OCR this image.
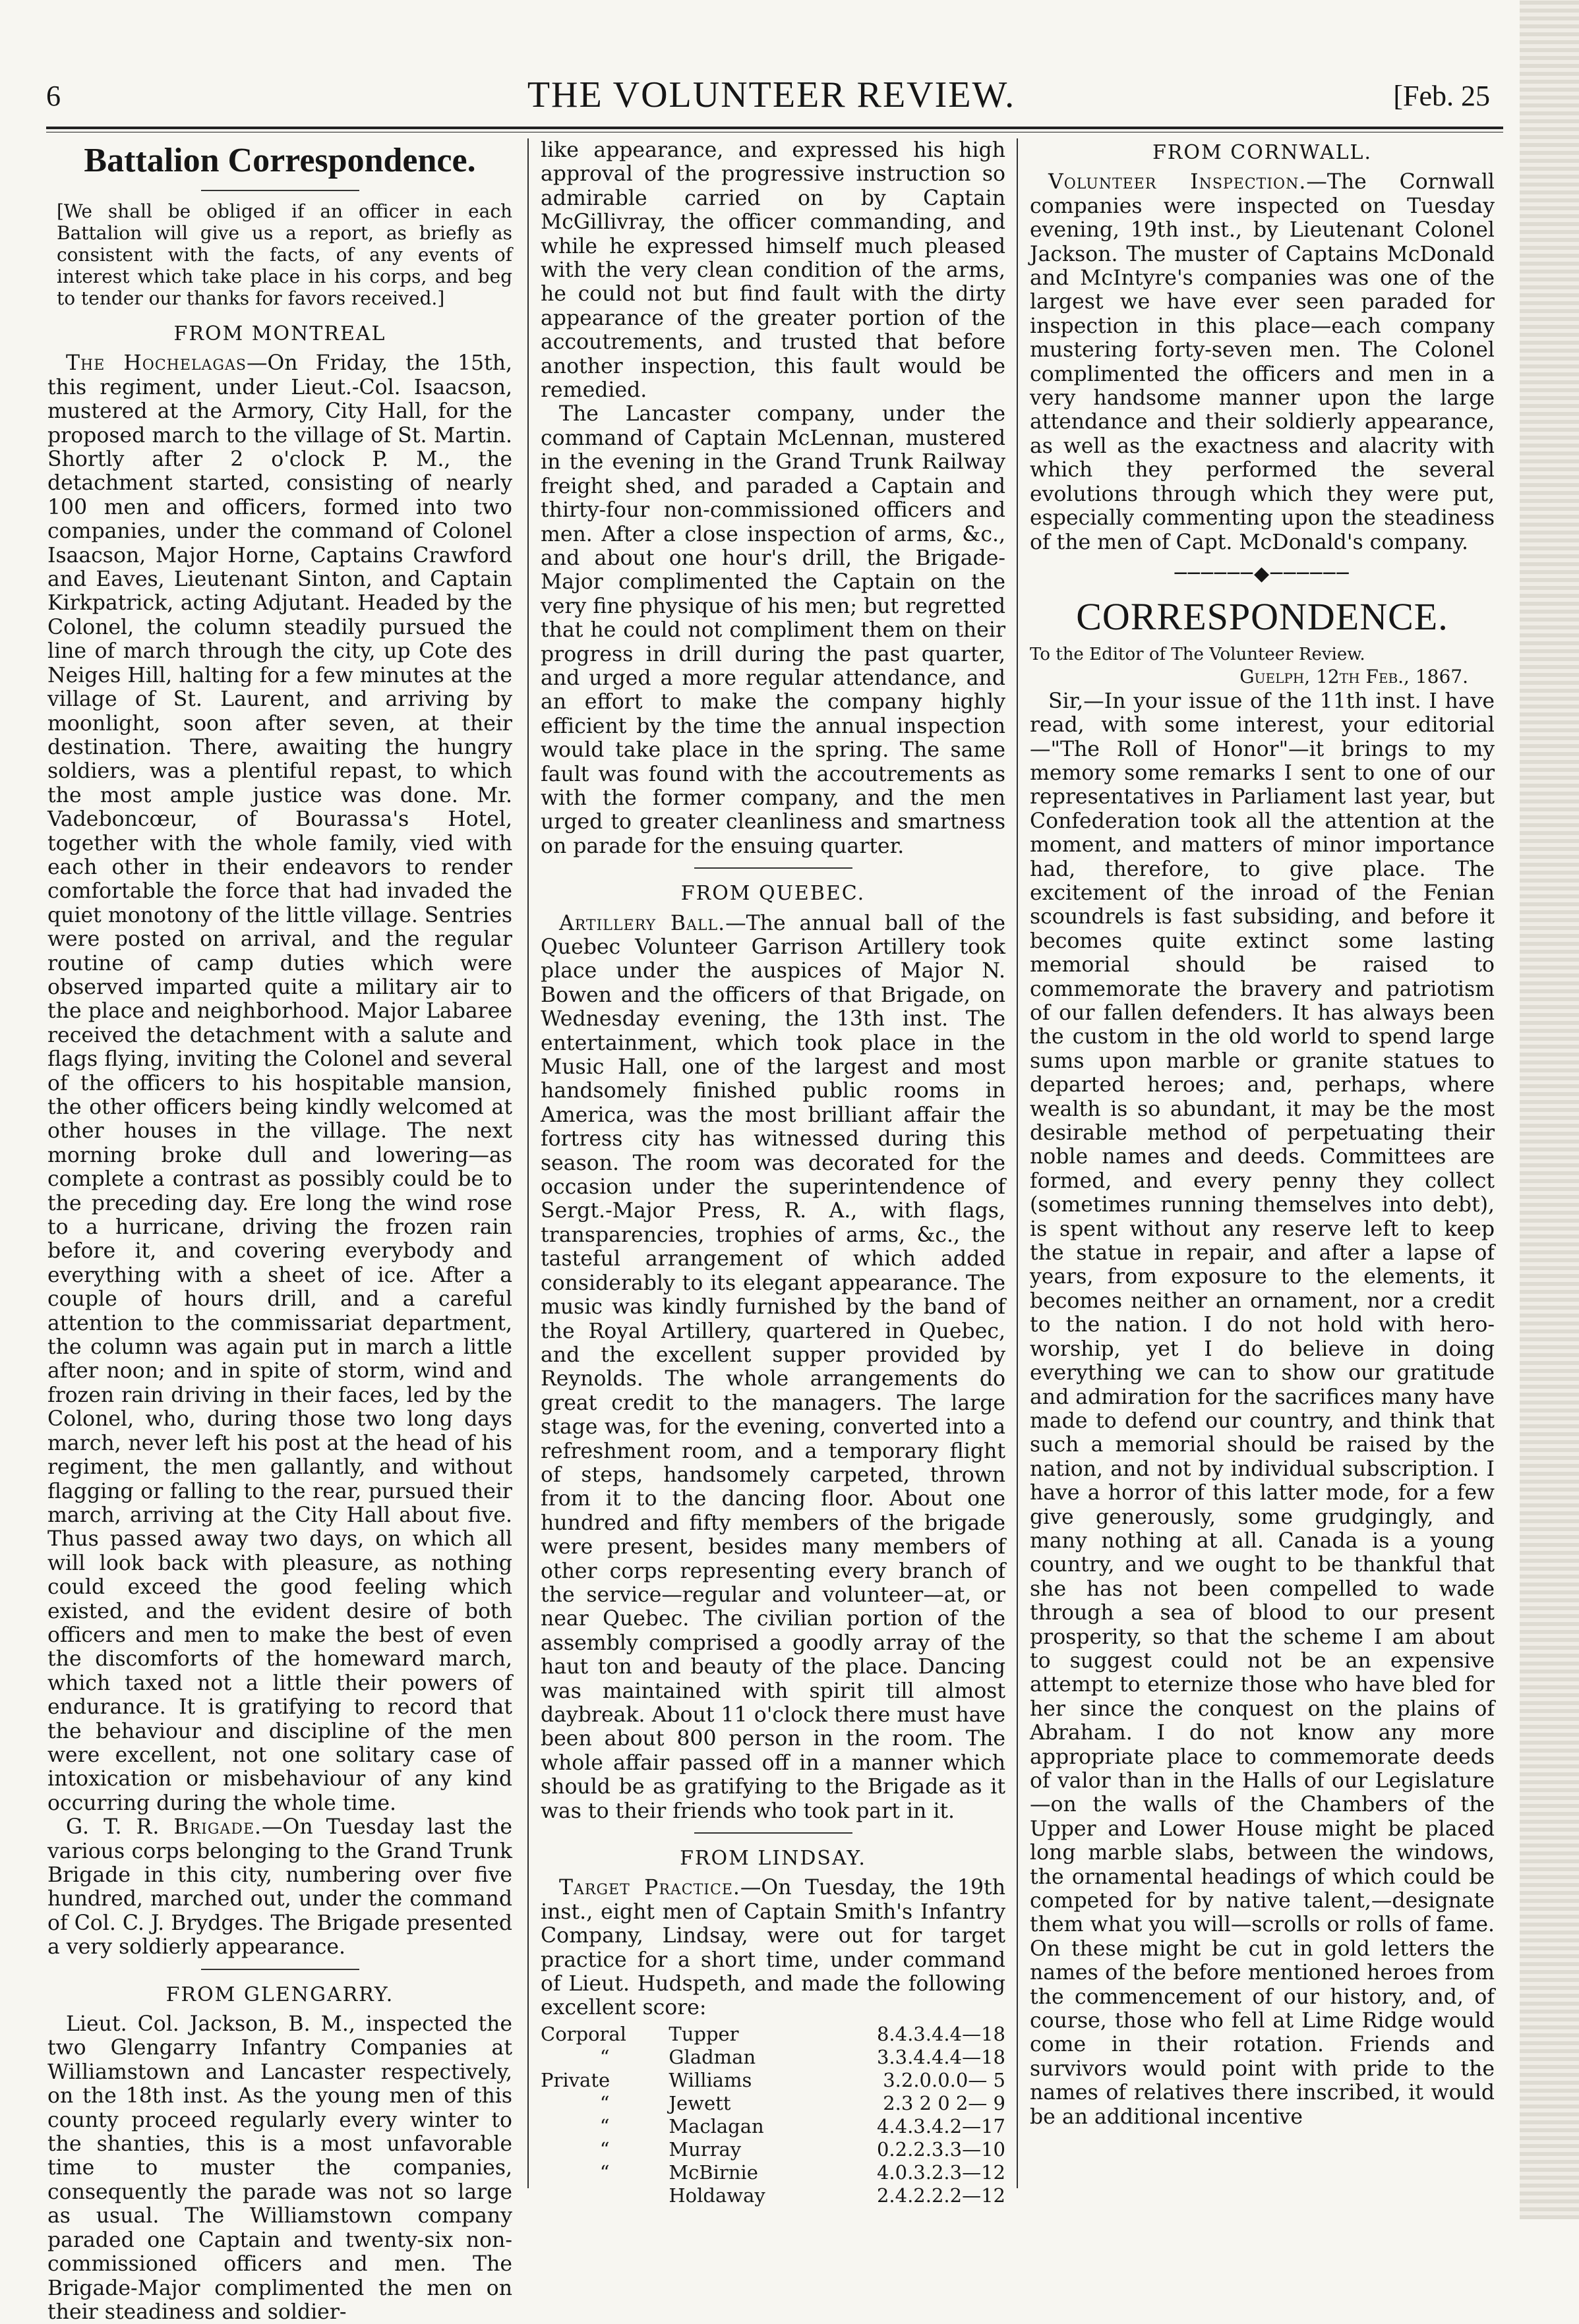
6	THE VOLUNTEER REVIEW.	[Feb. 25
Battalion Correspondence.

[We shall be obliged if an officer in each Battalion will give us a report, as briefly as consistent with the facts, of any events of interest which take place in his corps, and beg to tender our thanks for favors received.]

FROM MONTREAL

The Hochelagas—On Friday, the 15th, this regiment, under Lieut.-Col. Isaacson, mustered at the Armory, City Hall, for the proposed march to the village of St. Martin. Shortly after 2 o'clock P. M., the detachment started, consisting of nearly 100 men and officers, formed into two companies, under the command of Colonel Isaacson, Major Horne, Captains Crawford and Eaves, Lieutenant Sinton, and Captain Kirkpatrick, acting Adjutant. Headed by the Colonel, the column steadily pursued the line of march through the city, up Cote des Neiges Hill, halting for a few minutes at the village of St. Laurent, and arriving by moonlight, soon after seven, at their destination. There, awaiting the hungry soldiers, was a plentiful repast, to which the most ample justice was done. Mr. Vadeboncœur, of Bourassa's Hotel, together with the whole family, vied with each other in their endeavors to render comfortable the force that had invaded the quiet monotony of the little village. Sentries were posted on arrival, and the regular routine of camp duties which were observed imparted quite a military air to the place and neighborhood. Major Labaree received the detachment with a salute and flags flying, inviting the Colonel and several of the officers to his hospitable mansion, the other officers being kindly welcomed at other houses in the village. The next morning broke dull and lowering—as complete a contrast as possibly could be to the preceding day. Ere long the wind rose to a hurricane, driving the frozen rain before it, and covering everybody and everything with a sheet of ice. After a couple of hours drill, and a careful attention to the commissariat department, the column was again put in march a little after noon; and in spite of storm, wind and frozen rain driving in their faces, led by the Colonel, who, during those two long days march, never left his post at the head of his regiment, the men gallantly, and without flagging or falling to the rear, pursued their march, arriving at the City Hall about five. Thus passed away two days, on which all will look back with pleasure, as nothing could exceed the good feeling which existed, and the evident desire of both officers and men to make the best of even the discomforts of the homeward march, which taxed not a little their powers of endurance. It is gratifying to record that the behaviour and discipline of the men were excellent, not one solitary case of intoxication or misbehaviour of any kind occurring during the whole time.

G. T. R. Brigade.—On Tuesday last the various corps belonging to the Grand Trunk Brigade in this city, numbering over five hundred, marched out, under the command of Col. C. J. Brydges. The Brigade presented a very soldierly appearance.

FROM GLENGARRY.

Lieut. Col. Jackson, B. M., inspected the two Glengarry Infantry Companies at Williamstown and Lancaster respectively, on the 18th inst. As the young men of this county proceed regularly every winter to the shanties, this is a most unfavorable time to muster the companies, consequently the parade was not so large as usual. The Williamstown company paraded one Captain and twenty-six non-commissioned officers and men. The Brigade-Major complimented the men on their steadiness and soldier-

like appearance, and expressed his high approval of the progressive instruction so admirable carried on by Captain McGillivray, the officer commanding, and while he expressed himself much pleased with the very clean condition of the arms, he could not but find fault with the dirty appearance of the greater portion of the accoutrements, and trusted that before another inspection, this fault would be remedied.

The Lancaster company, under the command of Captain McLennan, mustered in the evening in the Grand Trunk Railway freight shed, and paraded a Captain and thirty-four non-commissioned officers and men. After a close inspection of arms, &c., and about one hour's drill, the Brigade-Major complimented the Captain on the very fine physique of his men; but regretted that he could not compliment them on their progress in drill during the past quarter, and urged a more regular attendance, and an effort to make the company highly efficient by the time the annual inspection would take place in the spring. The same fault was found with the accoutrements as with the former company, and the men urged to greater cleanliness and smartness on parade for the ensuing quarter.

FROM QUEBEC.

Artillery Ball.—The annual ball of the Quebec Volunteer Garrison Artillery took place under the auspices of Major N. Bowen and the officers of that Brigade, on Wednesday evening, the 13th inst. The entertainment, which took place in the Music Hall, one of the largest and most handsomely finished public rooms in America, was the most brilliant affair the fortress city has witnessed during this season. The room was decorated for the occasion under the superintendence of Sergt.-Major Press, R. A., with flags, transparencies, trophies of arms, &c., the tasteful arrangement of which added considerably to its elegant appearance. The music was kindly furnished by the band of the Royal Artillery, quartered in Quebec, and the excellent supper provided by Reynolds. The whole arrangements do great credit to the managers. The large stage was, for the evening, converted into a refreshment room, and a temporary flight of steps, handsomely carpeted, thrown from it to the dancing floor. About one hundred and fifty members of the brigade were present, besides many members of other corps representing every branch of the service—regular and volunteer—at, or near Quebec. The civilian portion of the assembly comprised a goodly array of the haut ton and beauty of the place. Dancing was maintained with spirit till almost daybreak. About 11 o'clock there must have been about 800 person in the room. The whole affair passed off in a manner which should be as gratifying to the Brigade as it was to their friends who took part in it.

FROM LINDSAY.

Target Practice.—On Tuesday, the 19th inst., eight men of Captain Smith's Infantry Company, Lindsay, were out for target practice for a short time, under command of Lieut. Hudspeth, and made the following excellent score:

Corporal	Tupper	8.4.3.4.4—18
“	Gladman	3.3.4.4.4—18
Private	Williams	3.2.0.0.0— 5
“	Jewett	2.3 2 0 2— 9
“	Maclagan	4.4.3.4.2—17
“	Murray	0.2.2.3.3—10
“	McBirnie	4.0.3.2.3—12
	Holdaway	2.4.2.2.2—12
FROM CORNWALL.

Volunteer Inspection.—The Cornwall companies were inspected on Tuesday evening, 19th inst., by Lieutenant Colonel Jackson. The muster of Captains McDonald and McIntyre's companies was one of the largest we have ever seen paraded for inspection in this place—each company mustering forty-seven men. The Colonel complimented the officers and men in a very handsome manner upon the large attendance and their soldierly appearance, as well as the exactness and alacrity with which they performed the several evolutions through which they were put, especially commenting upon the steadiness of the men of Capt. McDonald's company.

──────◆──────
CORRESPONDENCE.

To the Editor of The Volunteer Review.

Guelph, 12th Feb., 1867.

Sir,—In your issue of the 11th inst. I have read, with some interest, your editorial—"The Roll of Honor"—it brings to my memory some remarks I sent to one of our representatives in Parliament last year, but Confederation took all the attention at the moment, and matters of minor importance had, therefore, to give place. The excitement of the inroad of the Fenian scoundrels is fast subsiding, and before it becomes quite extinct some lasting memorial should be raised to commemorate the bravery and patriotism of our fallen defenders. It has always been the custom in the old world to spend large sums upon marble or granite statues to departed heroes; and, perhaps, where wealth is so abundant, it may be the most desirable method of perpetuating their noble names and deeds. Committees are formed, and every penny they collect (sometimes running themselves into debt), is spent without any reserve left to keep the statue in repair, and after a lapse of years, from exposure to the elements, it becomes neither an ornament, nor a credit to the nation. I do not hold with hero-worship, yet I do believe in doing everything we can to show our gratitude and admiration for the sacrifices many have made to defend our country, and think that such a memorial should be raised by the nation, and not by individual subscription. I have a horror of this latter mode, for a few give generously, some grudgingly, and many nothing at all. Canada is a young country, and we ought to be thankful that she has not been compelled to wade through a sea of blood to our present prosperity, so that the scheme I am about to suggest could not be an expensive attempt to eternize those who have bled for her since the conquest on the plains of Abraham. I do not know any more appropriate place to commemorate deeds of valor than in the Halls of our Legislature—on the walls of the Chambers of the Upper and Lower House might be placed long marble slabs, between the windows, the ornamental headings of which could be competed for by native talent,—designate them what you will—scrolls or rolls of fame. On these might be cut in gold letters the names of the before mentioned heroes from the commencement of our history, and, of course, those who fell at Lime Ridge would come in their rotation. Friends and survivors would point with pride to the names of relatives there inscribed, it would be an additional incentive
